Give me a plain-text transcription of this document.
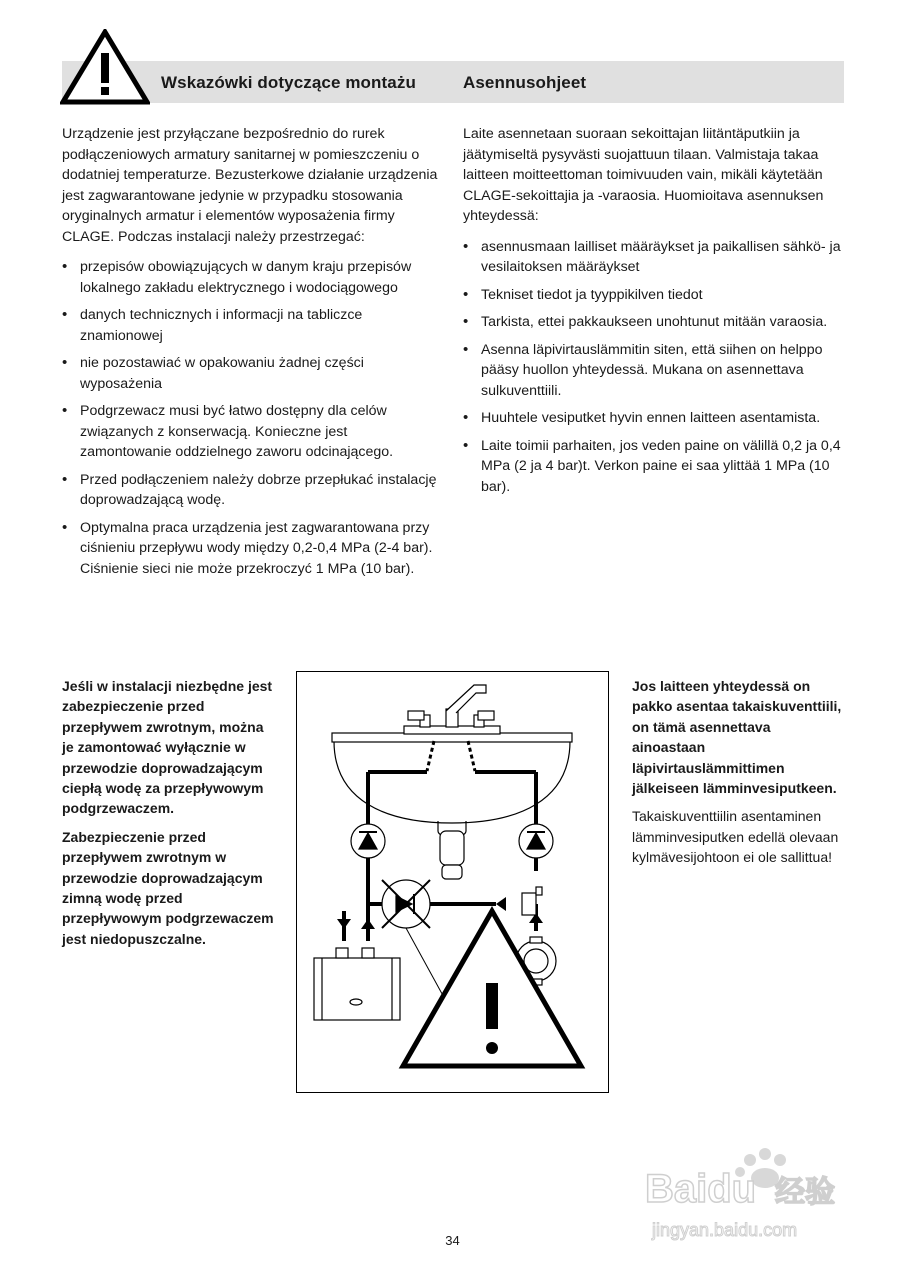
Wskazówki dotyczące montażu	Asennusohjeet

Urządzenie jest przyłączane bezpośrednio do rurek podłączeniowych armatury sanitarnej w pomieszczeniu o dodatniej temperaturze. Bezusterkowe działanie urządzenia jest zagwarantowane jedynie w przypadku stosowania oryginalnych armatur i elementów wyposażenia firmy CLAGE. Podczas instalacji należy przestrzegać:

• przepisów obowiązujących w danym kraju przepisów lokalnego zakładu elektrycznego i wodociągowego
• danych technicznych i informacji na tabliczce znamionowej
• nie pozostawiać w opakowaniu żadnej części wyposażenia
• Podgrzewacz musi być łatwo dostępny dla celów związanych z konserwacją. Konieczne jest zamontowanie oddzielnego zaworu odcinającego.
• Przed podłączeniem należy dobrze przepłukać instalację doprowadzającą wodę.
• Optymalna praca urządzenia jest zagwarantowana przy ciśnieniu przepływu wody między 0,2-0,4 MPa (2-4 bar). Ciśnienie sieci nie może przekroczyć 1 MPa (10 bar).

Laite asennetaan suoraan sekoittajan liitäntäputkiin ja jäätymiseltä pysyvästi suojattuun tilaan. Valmistaja takaa laitteen moitteettoman toimivuuden vain, mikäli käytetään CLAGE-sekoittajia ja -varaosia. Huomioitava asennuksen yhteydessä:

• asennusmaan lailliset määräykset ja paikallisen sähkö- ja vesilaitoksen määräykset
• Tekniset tiedot ja tyyppikilven tiedot
• Tarkista, ettei pakkaukseen unohtunut mitään varaosia.
• Asenna läpivirtauslämmitin siten, että siihen on helppo pääsy huollon yhteydessä. Mukana on asennettava sulkuventtiili.
• Huuhtele vesiputket hyvin ennen laitteen asentamista.
• Laite toimii parhaiten, jos veden paine on välillä 0,2 ja 0,4 MPa (2 ja 4 bar)t. Verkon paine ei saa ylittää 1 MPa (10 bar).

Jeśli w instalacji niezbędne jest zabezpieczenie przed przepływem zwrotnym, można je zamontować wyłącznie w przewodzie doprowadzającym ciepłą wodę za przepływowym podgrzewaczem.

Zabezpieczenie przed przepływem zwrotnym w przewodzie doprowadzającym zimną wodę przed przepływowym podgrzewaczem jest niedopuszczalne.

Jos laitteen yhteydessä on pakko asentaa takaiskuventtiili, on tämä asennettava ainoastaan läpivirtauslämmittimen jälkeiseen lämminvesiputkeen.

Takaiskuventtiilin asentaminen lämminvesiputken edellä olevaan kylmävesijohtoon ei ole sallittua!

34
Baidu 经验
jingyan.baidu.com
